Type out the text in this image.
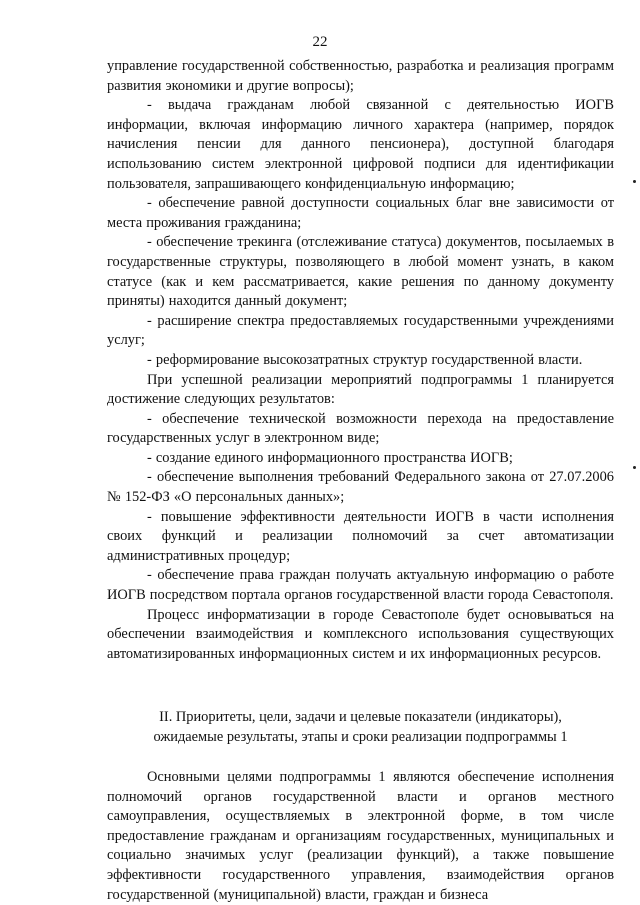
22

управление государственной собственностью, разработка и реализация программ развития экономики и другие вопросы);

- выдача гражданам любой связанной с деятельностью ИОГВ информации, включая информацию личного характера (например, порядок начисления пенсии для данного пенсионера), доступной благодаря использованию систем электронной цифровой подписи для идентификации пользователя, запрашивающего конфиденциальную информацию;

- обеспечение равной доступности социальных благ вне зависимости от места проживания гражданина;

- обеспечение трекинга (отслеживание статуса) документов, посылаемых в государственные структуры, позволяющего в любой момент узнать, в каком статусе (как и кем рассматривается, какие решения по данному документу приняты) находится данный документ;

- расширение спектра предоставляемых государственными учреждениями услуг;

- реформирование высокозатратных структур государственной власти.

При успешной реализации мероприятий подпрограммы 1 планируется достижение следующих результатов:

- обеспечение технической возможности перехода на предоставление государственных услуг в электронном виде;

- создание единого информационного пространства ИОГВ;

- обеспечение выполнения требований Федерального закона от 27.07.2006 № 152-ФЗ «О персональных данных»;

- повышение эффективности деятельности ИОГВ в части исполнения своих функций и реализации полномочий за счет автоматизации административных процедур;

- обеспечение права граждан получать актуальную информацию о работе ИОГВ посредством портала органов государственной власти города Севастополя.

Процесс информатизации в городе Севастополе будет основываться на обеспечении взаимодействия и комплексного использования существующих автоматизированных информационных систем и их информационных ресурсов.

II. Приоритеты, цели, задачи и целевые показатели (индикаторы),

ожидаемые результаты, этапы и сроки реализации подпрограммы 1

Основными целями подпрограммы 1 являются обеспечение исполнения полномочий органов государственной власти и органов местного самоуправления, осуществляемых в электронной форме, в том числе предоставление гражданам и организациям государственных, муниципальных и социально значимых услуг (реализации функций), а также повышение эффективности государственного управления, взаимодействия органов государственной (муниципальной) власти, граждан и бизнеса
